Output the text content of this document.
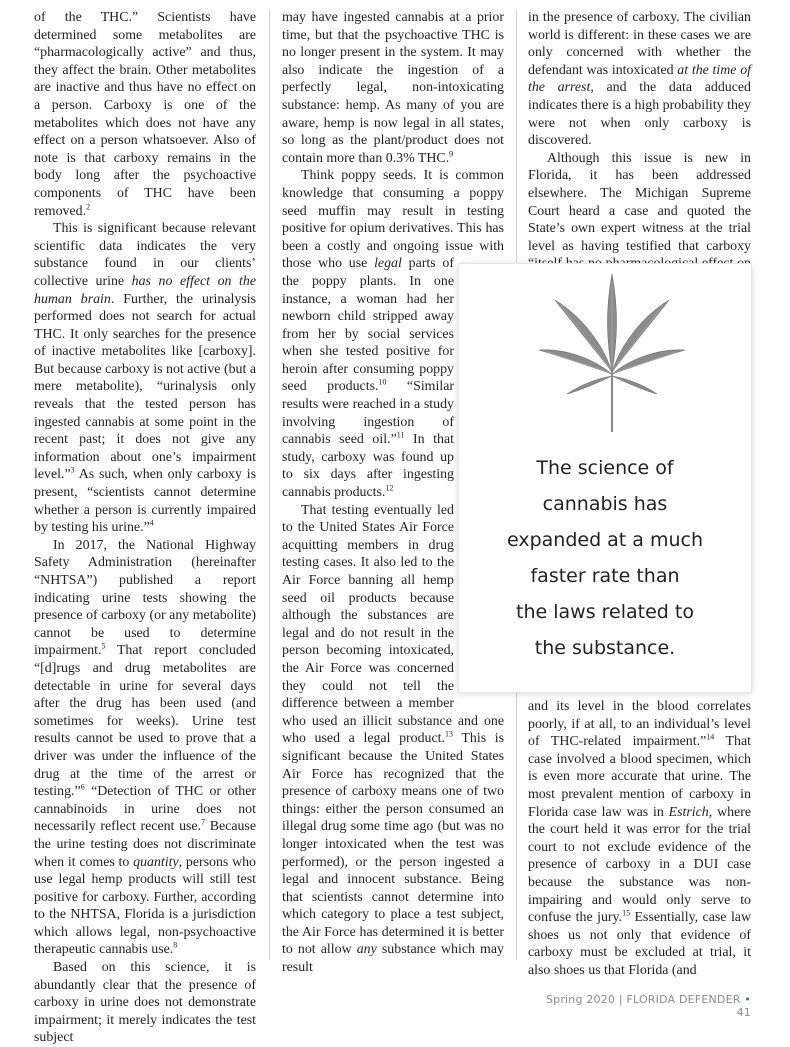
of the THC.” Scientists have determined some metabolites are “pharmacologically active” and thus, they affect the brain. Other metabolites are inactive and thus have no effect on a person. Carboxy is one of the metabolites which does not have any effect on a person whatsoever. Also of note is that carboxy remains in the body long after the psychoactive components of THC have been removed.$^2$

This is significant because relevant scientific data indicates the very substance found in our clients’ collective urine has no effect on the human brain. Further, the urinalysis performed does not search for actual THC. It only searches for the presence of inactive metabolites like [carboxy]. But because carboxy is not active (but a mere metabolite), “urinalysis only reveals that the tested person has ingested cannabis at some point in the recent past; it does not give any information about one’s impairment level.”$^3$ As such, when only carboxy is present, “scientists cannot determine whether a person is currently impaired by testing his urine.”$^4$

In 2017, the National Highway Safety Administration (hereinafter “NHTSA”) published a report indicating urine tests showing the presence of carboxy (or any metabolite) cannot be used to determine impairment.$^5$ That report concluded “[d]rugs and drug metabolites are detectable in urine for several days after the drug has been used (and sometimes for weeks). Urine test results cannot be used to prove that a driver was under the influence of the drug at the time of the arrest or testing.”$^6$ “Detection of THC or other cannabinoids in urine does not necessarily reflect recent use.$^7$ Because the urine testing does not discriminate when it comes to quantity, persons who use legal hemp products will still test positive for carboxy. Further, according to the NHTSA, Florida is a jurisdiction which allows legal, non-psychoactive therapeutic cannabis use.$^8$

Based on this science, it is abundantly clear that the presence of carboxy in urine does not demonstrate impairment; it merely indicates the test subject

may have ingested cannabis at a prior time, but that the psychoactive THC is no longer present in the system. It may also indicate the ingestion of a perfectly legal, non-intoxicating substance: hemp. As many of you are aware, hemp is now legal in all states, so long as the plant/product does not contain more than 0.3% THC.$^9$

Think poppy seeds. It is common knowledge that consuming a poppy seed muffin may result in testing positive for opium derivatives. This has been a costly and ongoing issue with those who use legal parts of the poppy plants. In one instance, a woman had her newborn child stripped away from her by social services when she tested positive for heroin after consuming poppy seed products.$^{10}$ “Similar results were reached in a study involving ingestion of cannabis seed oil.”$^{11}$ In that study, carboxy was found up to six days after ingesting cannabis products.$^{12}$

That testing eventually led to the United States Air Force acquitting members in drug testing cases. It also led to the Air Force banning all hemp seed oil products because although the substances are legal and do not result in the person becoming intoxicated, the Air Force was concerned they could not tell the difference between a member who used an illicit substance and one who used a legal product.$^{13}$ This is significant because the United States Air Force has recognized that the presence of carboxy means one of two things: either the person consumed an illegal drug some time ago (but was no longer intoxicated when the test was performed), or the person ingested a legal and innocent substance. Being that scientists cannot determine into which category to place a test subject, the Air Force has determined it is better to not allow any substance which may result

in the presence of carboxy. The civilian world is different: in these cases we are only concerned with whether the defendant was intoxicated at the time of the arrest, and the data adduced indicates there is a high probability they were not when only carboxy is discovered.

Although this issue is new in Florida, it has been addressed elsewhere. The Michigan Supreme Court heard a case and quoted the State’s own expert witness at the trial level as having testified that carboxy

and its level in the blood correlates poorly, if at all, to an individual’s level of THC-related impairment.”$^{14}$ That case involved a blood specimen, which is even more accurate that urine. The most prevalent mention of carboxy in Florida case law was in Estrich, where the court held it was error for the trial court to not exclude evidence of the presence of carboxy in a DUI case because the substance was non-impairing and would only serve to confuse the jury.$^{15}$ Essentially, case law shoes us not only that evidence of carboxy must be excluded at trial, it also shoes us that Florida (and

The science of
cannabis has
expanded at a much
faster rate than
the laws related to
the substance.
Spring 2020 | FLORIDA DEFENDER • 41
